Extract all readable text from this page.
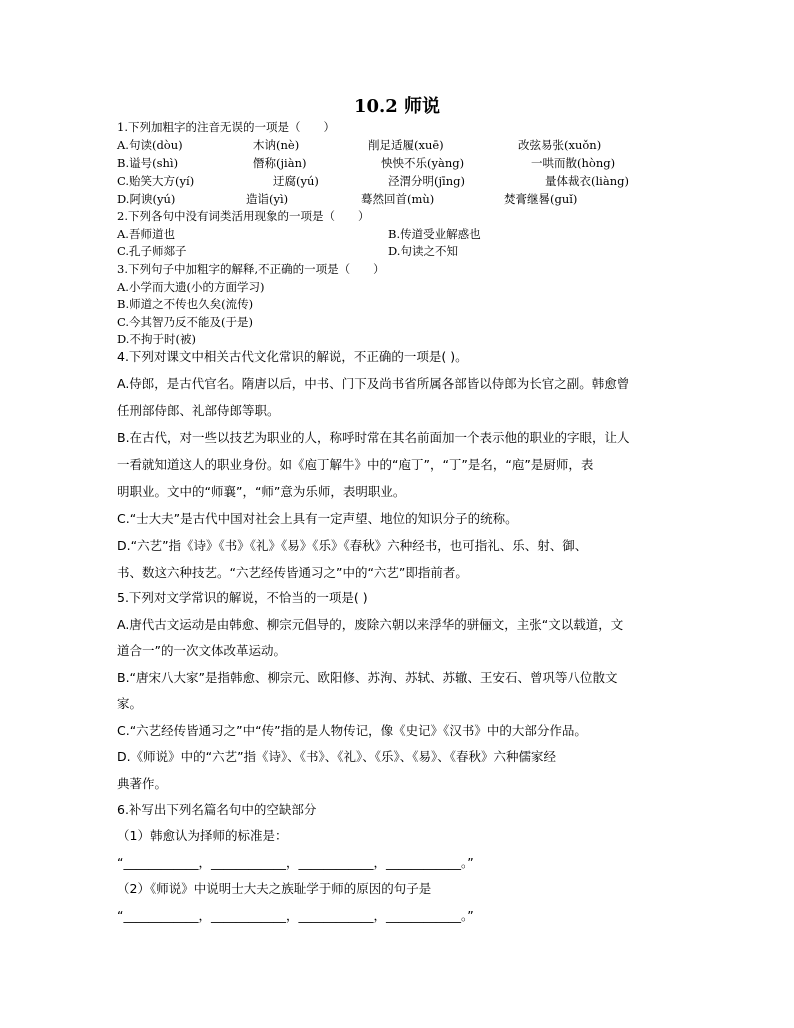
10.2 师说
1.下列加粗字的注音无误的一项是（　　）
A.句读(dòu)	木讷(nè)	削足适履(xuē)	改弦易张(xuǒn)
B.谥号(shì)	僭称(jiàn)	怏怏不乐(yàng)	一哄而散(hòng)
C.贻笑大方(yí)	迂腐(yú)	泾渭分明(jīng)	量体裁衣(liàng)
D.阿谀(yú)	造诣(yì)	蓦然回首(mù)	焚膏继晷(guǐ)
2.下列各句中没有词类活用现象的一项是（　　）
A.吾师道也	B.传道受业解惑也
C.孔子师郯子	D.句读之不知
3.下列句子中加粗字的解释,不正确的一项是（　　）
A.小学而大遗(小的方面学习)
B.师道之不传也久矣(流传)
C.今其智乃反不能及(于是)
D.不拘于时(被)
4.下列对课文中相关古代文化常识的解说，不正确的一项是( )。
A.侍郎，是古代官名。隋唐以后，中书、门下及尚书省所属各部皆以侍郎为长官之副。韩愈曾
任刑部侍郎、礼部侍郎等职。
B.在古代，对一些以技艺为职业的人，称呼时常在其名前面加一个表示他的职业的字眼，让人
一看就知道这人的职业身份。如《庖丁解牛》中的“庖丁”，“丁”是名，“庖”是厨师，表
明职业。文中的“师襄”，“师”意为乐师，表明职业。
C.“士大夫”是古代中国对社会上具有一定声望、地位的知识分子的统称。
D.“六艺”指《诗》《书》《礼》《易》《乐》《春秋》六种经书，也可指礼、乐、射、御、
书、数这六种技艺。“六艺经传皆通习之”中的“六艺”即指前者。
5.下列对文学常识的解说，不恰当的一项是( )
A.唐代古文运动是由韩愈、柳宗元倡导的，废除六朝以来浮华的骈俪文，主张“文以载道，文
道合一”的一次文体改革运动。
B.“唐宋八大家”是指韩愈、柳宗元、欧阳修、苏洵、苏轼、苏辙、王安石、曾巩等八位散文
家。
C.“六艺经传皆通习之”中“传”指的是人物传记，像《史记》《汉书》中的大部分作品。
D.《师说》中的“六艺”指《诗》、《书》、《礼》、《乐》、《易》、《春秋》六种儒家经
典著作。
6.补写出下列名篇名句中的空缺部分
（1）韩愈认为择师的标准是：
“____________，____________，____________，____________。”
（2）《师说》中说明士大夫之族耻学于师的原因的句子是
“____________，____________，____________，____________。”
